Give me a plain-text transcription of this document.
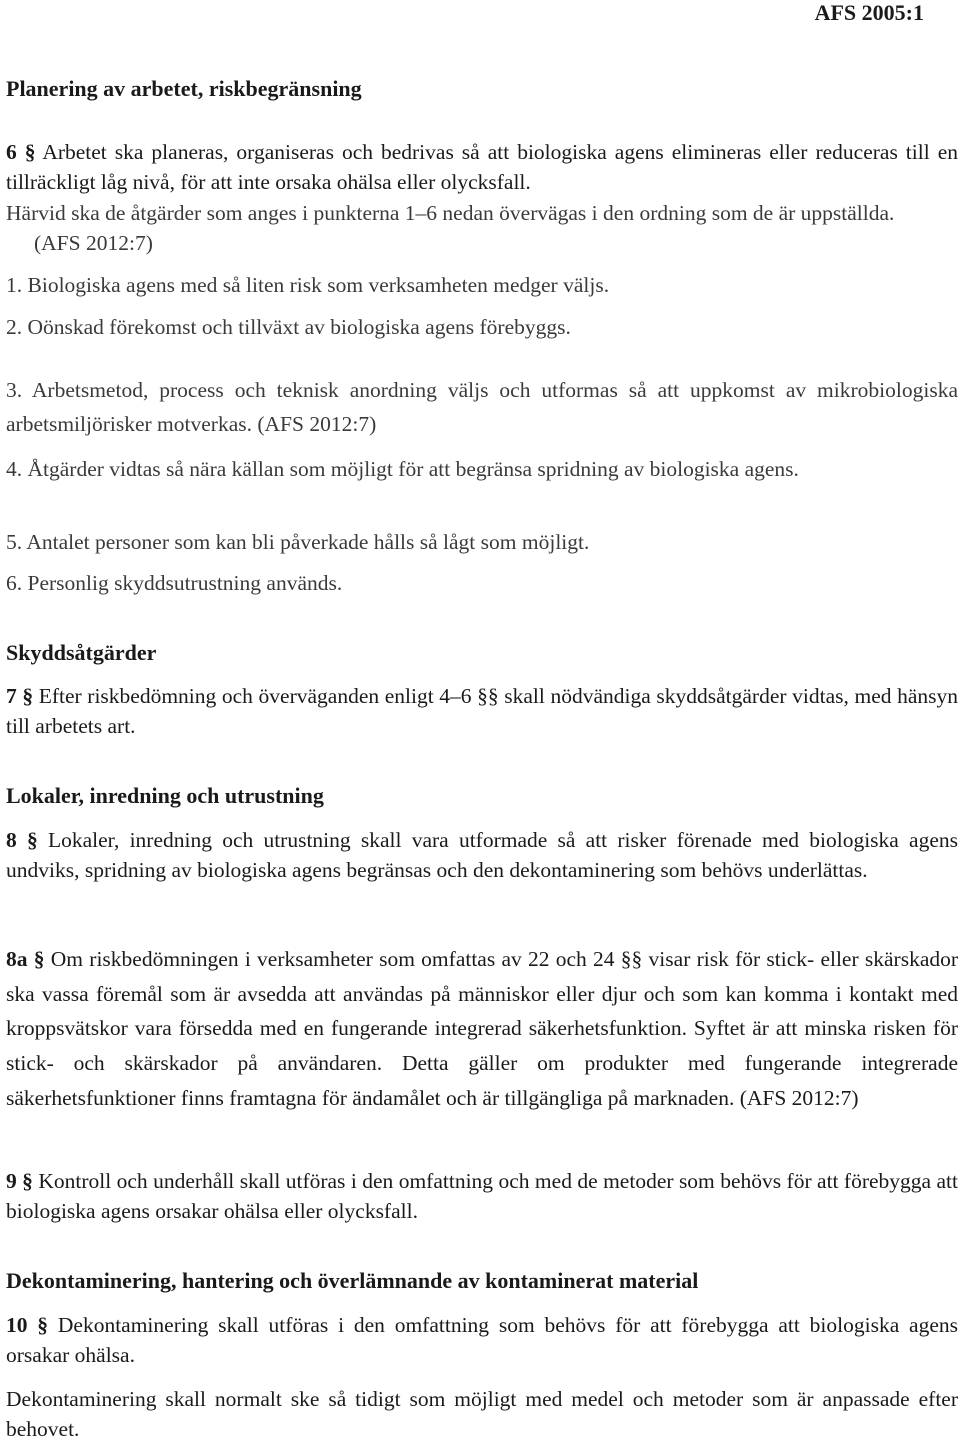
AFS 2005:1
Planering av arbetet, riskbegränsning
6 § Arbetet ska planeras, organiseras och bedrivas så att biologiska agens elimineras eller reduceras till en tillräckligt låg nivå, för att inte orsaka ohälsa eller olycksfall.
Härvid ska de åtgärder som anges i punkterna 1–6 nedan övervägas i den ordning som de är uppställda. (AFS 2012:7)
1. Biologiska agens med så liten risk som verksamheten medger väljs.
2. Oönskad förekomst och tillväxt av biologiska agens förebyggs.
3. Arbetsmetod, process och teknisk anordning väljs och utformas så att uppkomst av mikrobiologiska arbetsmiljörisker motverkas. (AFS 2012:7)
4. Åtgärder vidtas så nära källan som möjligt för att begränsa spridning av biologiska agens.
5. Antalet personer som kan bli påverkade hålls så lågt som möjligt.
6. Personlig skyddsutrustning används.
Skyddsåtgärder
7 § Efter riskbedömning och överväganden enligt 4–6 §§ skall nödvändiga skyddsåtgärder vidtas, med hänsyn till arbetets art.
Lokaler, inredning och utrustning
8 § Lokaler, inredning och utrustning skall vara utformade så att risker förenade med biologiska agens undviks, spridning av biologiska agens begränsas och den dekontaminering som behövs underlättas.
8a § Om riskbedömningen i verksamheter som omfattas av 22 och 24 §§ visar risk för stick- eller skärskador ska vassa föremål som är avsedda att användas på människor eller djur och som kan komma i kontakt med kroppsvätskor vara försedda med en fungerande integrerad säkerhetsfunktion. Syftet är att minska risken för stick- och skärskador på användaren. Detta gäller om produkter med fungerande integrerade säkerhetsfunktioner finns framtagna för ändamålet och är tillgängliga på marknaden. (AFS 2012:7)
9 § Kontroll och underhåll skall utföras i den omfattning och med de metoder som behövs för att förebygga att biologiska agens orsakar ohälsa eller olycksfall.
Dekontaminering, hantering och överlämnande av kontaminerat material
10 § Dekontaminering skall utföras i den omfattning som behövs för att förebygga att biologiska agens orsakar ohälsa.
Dekontaminering skall normalt ske så tidigt som möjligt med medel och metoder som är anpassade efter behovet.
